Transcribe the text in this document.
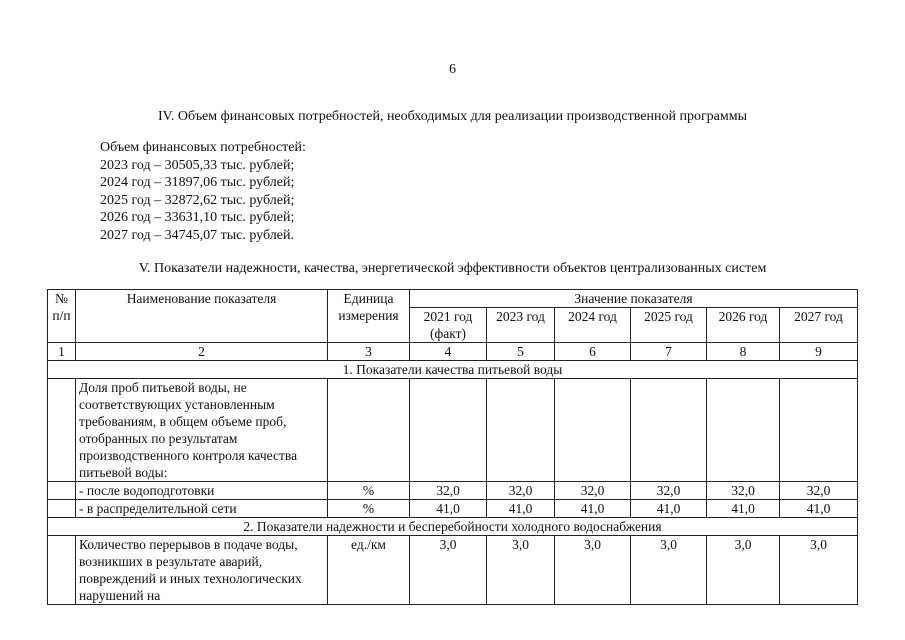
6
IV. Объем финансовых потребностей, необходимых для реализации производственной программы
Объем финансовых потребностей:
2023 год – 30505,33 тыс. рублей;
2024 год – 31897,06 тыс. рублей;
2025 год – 32872,62 тыс. рублей;
2026 год – 33631,10 тыс. рублей;
2027 год – 34745,07 тыс. рублей.
V. Показатели надежности, качества, энергетической эффективности объектов централизованных систем
№ п/п	Наименование показателя	Единица измерения	Значение показателя					
			2021 год (факт)	2023 год	2024 год	2025 год	2026 год	2027 год
1	2	3	4	5	6	7	8	9
1. Показатели качества питьевой воды								
	Доля проб питьевой воды, не соответствующих установленным требованиям, в общем объеме проб, отобранных по результатам производственного контроля качества питьевой воды:							
	- после водоподготовки	%	32,0	32,0	32,0	32,0	32,0	32,0
	- в распределительной сети	%	41,0	41,0	41,0	41,0	41,0	41,0
2. Показатели надежности и бесперебойности холодного водоснабжения								
	Количество перерывов в подаче воды, возникших в результате аварий, повреждений и иных технологических нарушений на	ед./км	3,0	3,0	3,0	3,0	3,0	3,0
